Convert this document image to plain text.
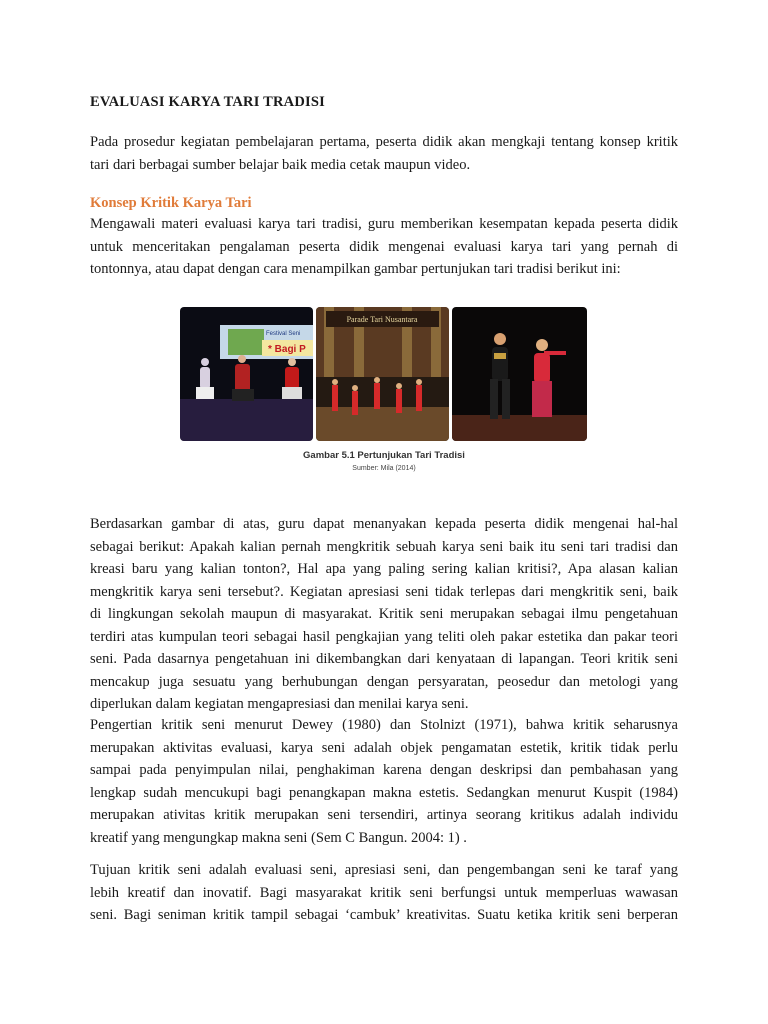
EVALUASI KARYA TARI TRADISI
Pada prosedur kegiatan pembelajaran pertama, peserta didik akan mengkaji tentang konsep kritik
tari dari berbagai sumber belajar baik media cetak maupun video.
Konsep Kritik Karya Tari
Mengawali materi evaluasi karya tari tradisi, guru memberikan kesempatan kepada peserta didik
untuk menceritakan pengalaman peserta didik mengenai evaluasi karya tari yang pernah di
tontonnya, atau dapat dengan cara menampilkan gambar pertunjukan tari tradisi berikut ini:
Berdasarkan gambar di atas, guru dapat menanyakan kepada peserta didik mengenai hal-hal
sebagai berikut: Apakah kalian pernah mengkritik sebuah karya seni baik itu seni tari tradisi dan
kreasi baru yang kalian tonton?, Hal apa yang paling sering kalian kritisi?, Apa alasan kalian
mengkritik karya seni tersebut?. Kegiatan apresiasi seni tidak terlepas dari mengkritik seni, baik
di lingkungan sekolah maupun di masyarakat. Kritik seni merupakan sebagai ilmu pengetahuan
terdiri atas kumpulan teori sebagai hasil pengkajian yang teliti oleh pakar estetika dan pakar teori
seni. Pada dasarnya pengetahuan ini dikembangkan dari kenyataan di lapangan. Teori kritik seni
mencakup juga sesuatu yang berhubungan dengan persyaratan, peosedur dan metologi yang
diperlukan dalam kegiatan mengapresiasi dan menilai karya seni.
Pengertian kritik seni menurut Dewey (1980) dan Stolnizt (1971), bahwa kritik seharusnya
merupakan aktivitas evaluasi, karya seni adalah objek pengamatan estetik, kritik tidak perlu
sampai pada penyimpulan nilai, penghakiman karena dengan deskripsi dan pembahasan yang
lengkap sudah mencukupi bagi penangkapan makna estetis. Sedangkan menurut Kuspit (1984)
merupakan ativitas kritik merupakan seni tersendiri, artinya seorang kritikus adalah individu
kreatif yang mengungkap makna seni (Sem C Bangun. 2004: 1) .
Tujuan kritik seni adalah evaluasi seni, apresiasi seni, dan pengembangan seni ke taraf yang
lebih kreatif dan inovatif. Bagi masyarakat kritik seni berfungsi untuk memperluas wawasan
seni. Bagi seniman kritik tampil sebagai ‘cambuk’ kreativitas. Suatu ketika kritik seni berperan
Festival Seni
* Bagi P
Parade Tari Nusantara
Gambar 5.1 Pertunjukan Tari Tradisi
Sumber: Mila (2014)
